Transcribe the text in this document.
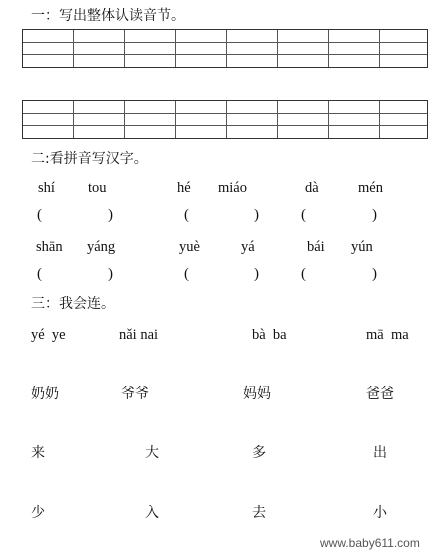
一：写出整体认读音节。
二:看拼音写汉字。
shí tou	hé miáo	dà	mén
(	)	(	)	(	)
shān yáng	yuè	yá	bái yún
(	)	(	)	(	)
三：我会连。
yé  ye	nǎi nai	bà  ba	mā  ma
奶奶	爷爷	妈妈	爸爸
来	大	多	出
少	入	去	小
www.baby611.com
